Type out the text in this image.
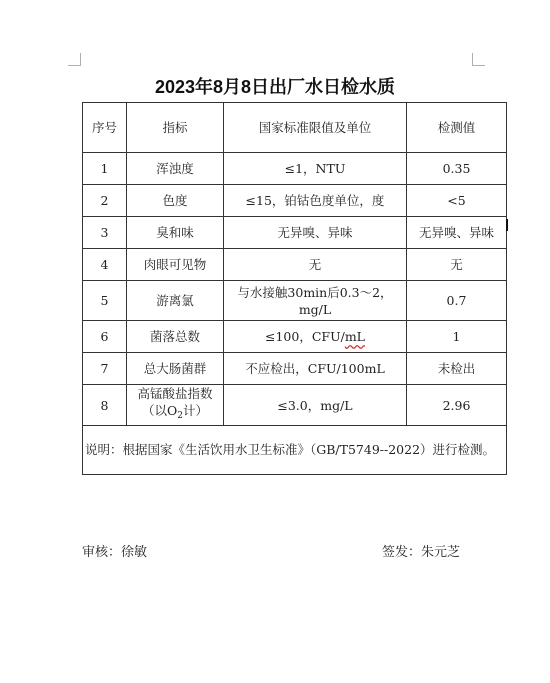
2023年8月8日出厂水日检水质
序号	指标	国家标准限值及单位	检测值
1	浑浊度	≤1，NTU	0.35
2	色度	≤15，铂钴色度单位，度	<5
3	臭和味	无异嗅、异味	无异嗅、异味
4	肉眼可见物	无	无
5	游离氯	与水接触30min后0.3～2，
mg/L	0.7
6	菌落总数	≤100，CFU/mL	1
7	总大肠菌群	不应检出，CFU/100mL	未检出
8	高锰酸盐指数
（以$O_2$计）	≤3.0，mg/L	2.96
说明：根据国家《生活饮用水卫生标准》（GB/T5749--2022）进行检测。			
审核：徐敏	签发：朱元芝
